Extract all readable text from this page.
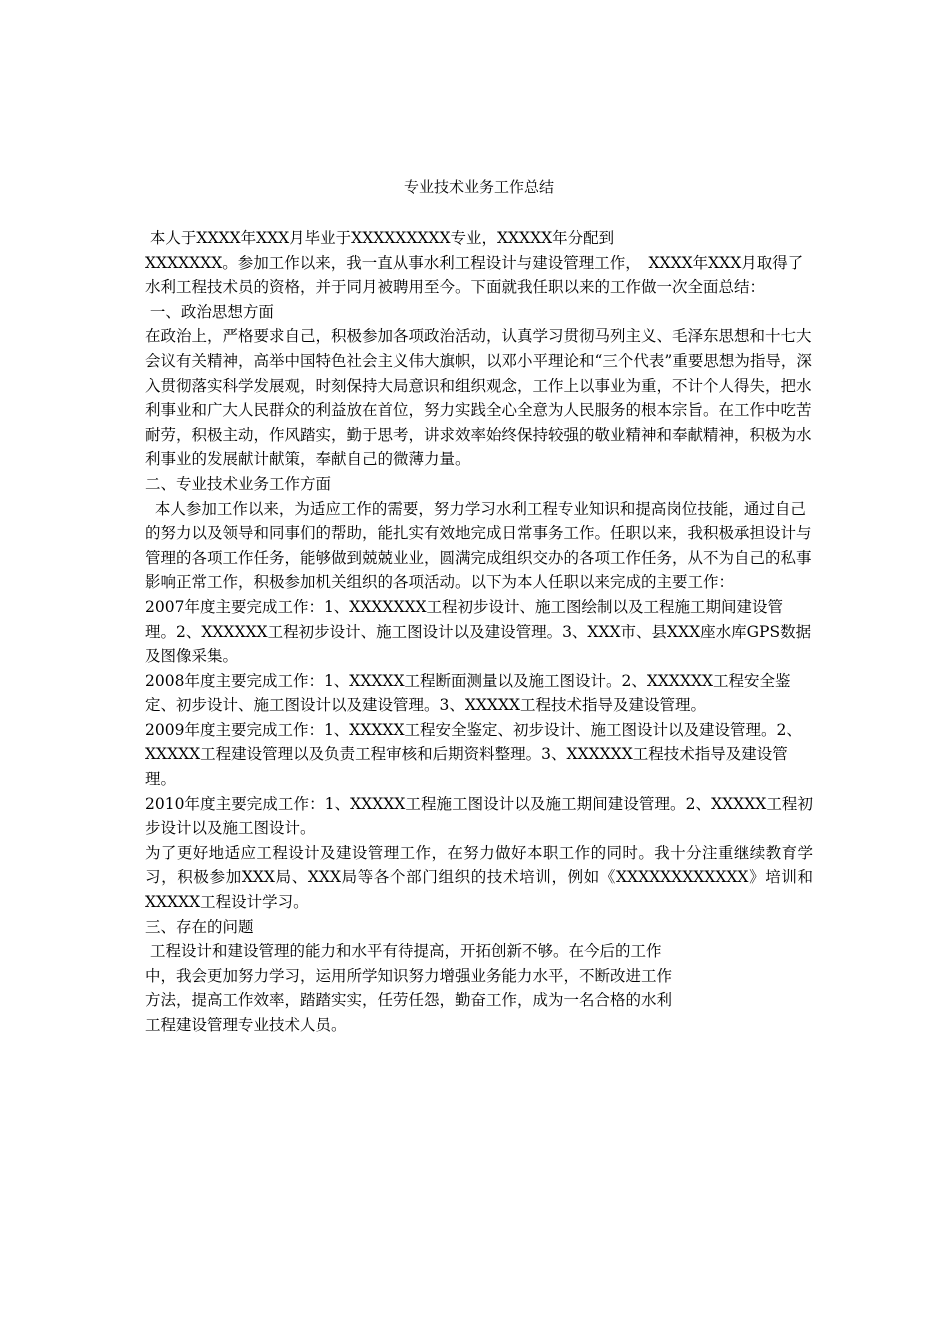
专业技术业务工作总结

本人于XXXX年XXX月毕业于XXXXXXXXX专业，XXXXX年分配到

XXXXXXX。参加工作以来，我一直从事水利工程设计与建设管理工作，　XXXX年XXX月取得了水利工程技术员的资格，并于同月被聘用至今。下面就我任职以来的工作做一次全面总结：

一、政治思想方面

在政治上，严格要求自己，积极参加各项政治活动，认真学习贯彻马列主义、毛泽东思想和十七大会议有关精神，高举中国特色社会主义伟大旗帜，以邓小平理论和“三个代表”重要思想为指导，深入贯彻落实科学发展观，时刻保持大局意识和组织观念，工作上以事业为重，不计个人得失，把水利事业和广大人民群众的利益放在首位，努力实践全心全意为人民服务的根本宗旨。在工作中吃苦耐劳，积极主动，作风踏实，勤于思考，讲求效率始终保持较强的敬业精神和奉献精神，积极为水利事业的发展献计献策，奉献自己的微薄力量。

二、专业技术业务工作方面

本人参加工作以来，为适应工作的需要，努力学习水利工程专业知识和提高岗位技能，通过自己的努力以及领导和同事们的帮助，能扎实有效地完成日常事务工作。任职以来，我积极承担设计与管理的各项工作任务，能够做到兢兢业业，圆满完成组织交办的各项工作任务，从不为自己的私事影响正常工作，积极参加机关组织的各项活动。以下为本人任职以来完成的主要工作：

2007年度主要完成工作：1、XXXXXXX工程初步设计、施工图绘制以及工程施工期间建设管理。2、XXXXXX工程初步设计、施工图设计以及建设管理。3、XXX市、县XXX座水库GPS数据及图像采集。

2008年度主要完成工作：1、XXXXX工程断面测量以及施工图设计。2、XXXXXX工程安全鉴定、初步设计、施工图设计以及建设管理。3、XXXXX工程技术指导及建设管理。

2009年度主要完成工作：1、XXXXX工程安全鉴定、初步设计、施工图设计以及建设管理。2、XXXXX工程建设管理以及负责工程审核和后期资料整理。3、XXXXXX工程技术指导及建设管理。

2010年度主要完成工作：1、XXXXX工程施工图设计以及施工期间建设管理。2、XXXXX工程初步设计以及施工图设计。

为了更好地适应工程设计及建设管理工作，在努力做好本职工作的同时。我十分注重继续教育学习，积极参加XXX局、XXX局等各个部门组织的技术培训，例如《XXXXXXXXXXXX》培训和XXXXX工程设计学习。

三、存在的问题

工程设计和建设管理的能力和水平有待提高，开拓创新不够。在今后的工作中，我会更加努力学习，运用所学知识努力增强业务能力水平，不断改进工作方法，提高工作效率，踏踏实实，任劳任怨，勤奋工作，成为一名合格的水利工程建设管理专业技术人员。
